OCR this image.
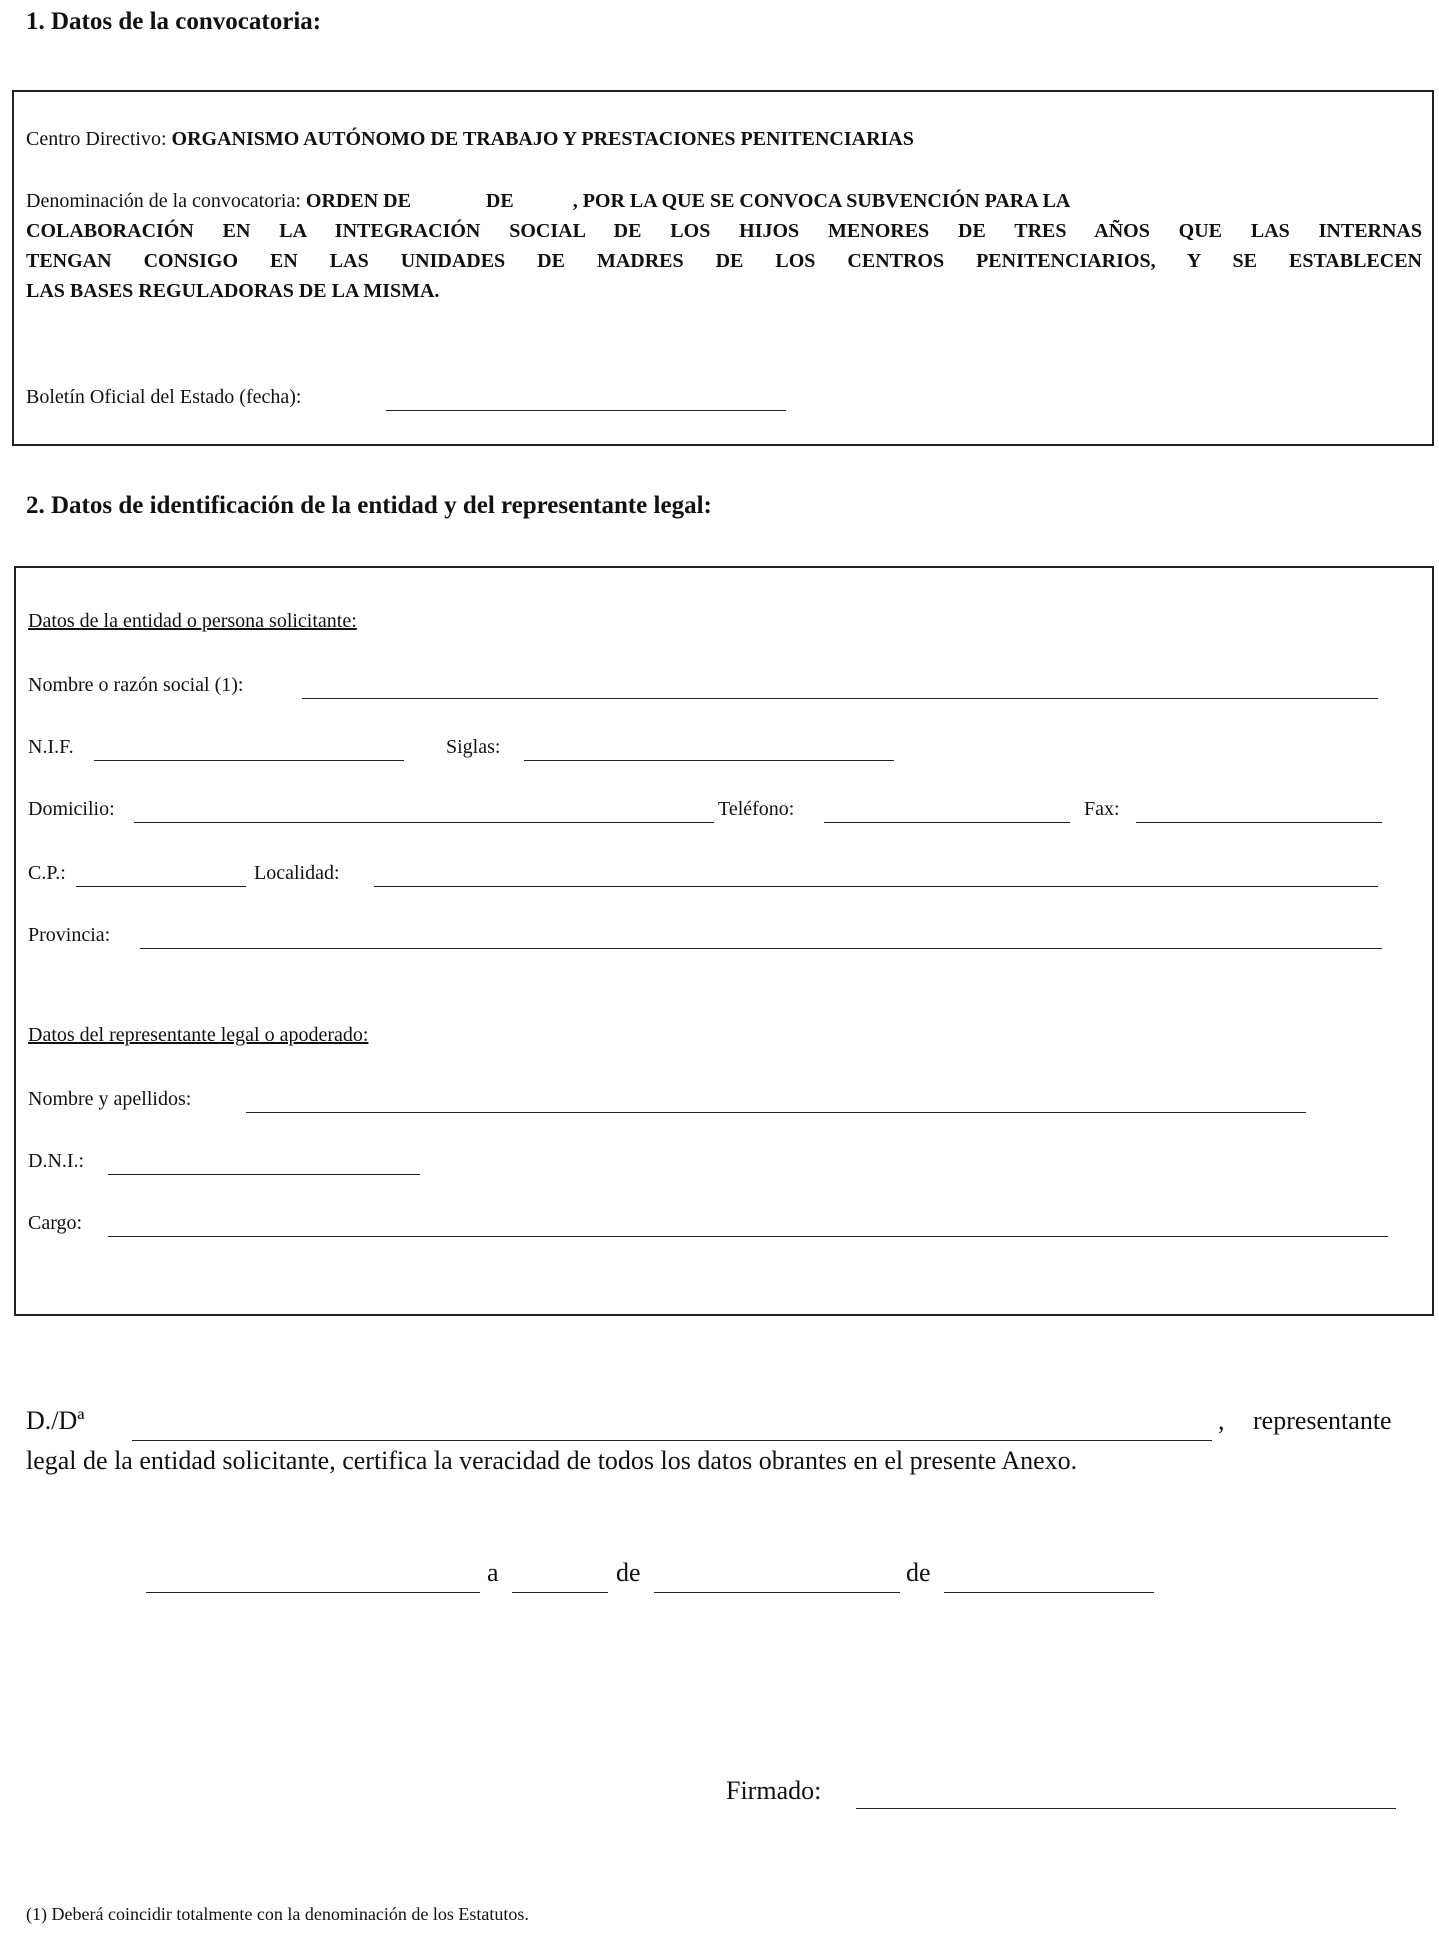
1. Datos de la convocatoria:
Centro Directivo: ORGANISMO AUTÓNOMO DE TRABAJO Y PRESTACIONES PENITENCIARIAS
Denominación de la convocatoria: ORDEN DE	DE	, POR LA QUE SE CONVOCA SUBVENCIÓN PARA LA
COLABORACIÓN EN LA INTEGRACIÓN SOCIAL DE LOS HIJOS MENORES DE TRES AÑOS QUE LAS INTERNAS
TENGAN CONSIGO EN LAS UNIDADES DE MADRES DE LOS CENTROS PENITENCIARIOS, Y SE ESTABLECEN
LAS BASES REGULADORAS DE LA MISMA.
Boletín Oficial del Estado (fecha):
2. Datos de identificación de la entidad y del representante legal:
Datos de la entidad o persona solicitante:
Nombre o razón social (1):
N.I.F.	Siglas:
Domicilio:	Teléfono:	Fax:
C.P.:	Localidad:
Provincia:
Datos del representante legal o apoderado:
Nombre y apellidos:
D.N.I.:
Cargo:
D./Dª	, representante
legal de la entidad solicitante, certifica la veracidad de todos los datos obrantes en el presente Anexo.
a	de	de
Firmado:
(1) Deberá coincidir totalmente con la denominación de los Estatutos.
